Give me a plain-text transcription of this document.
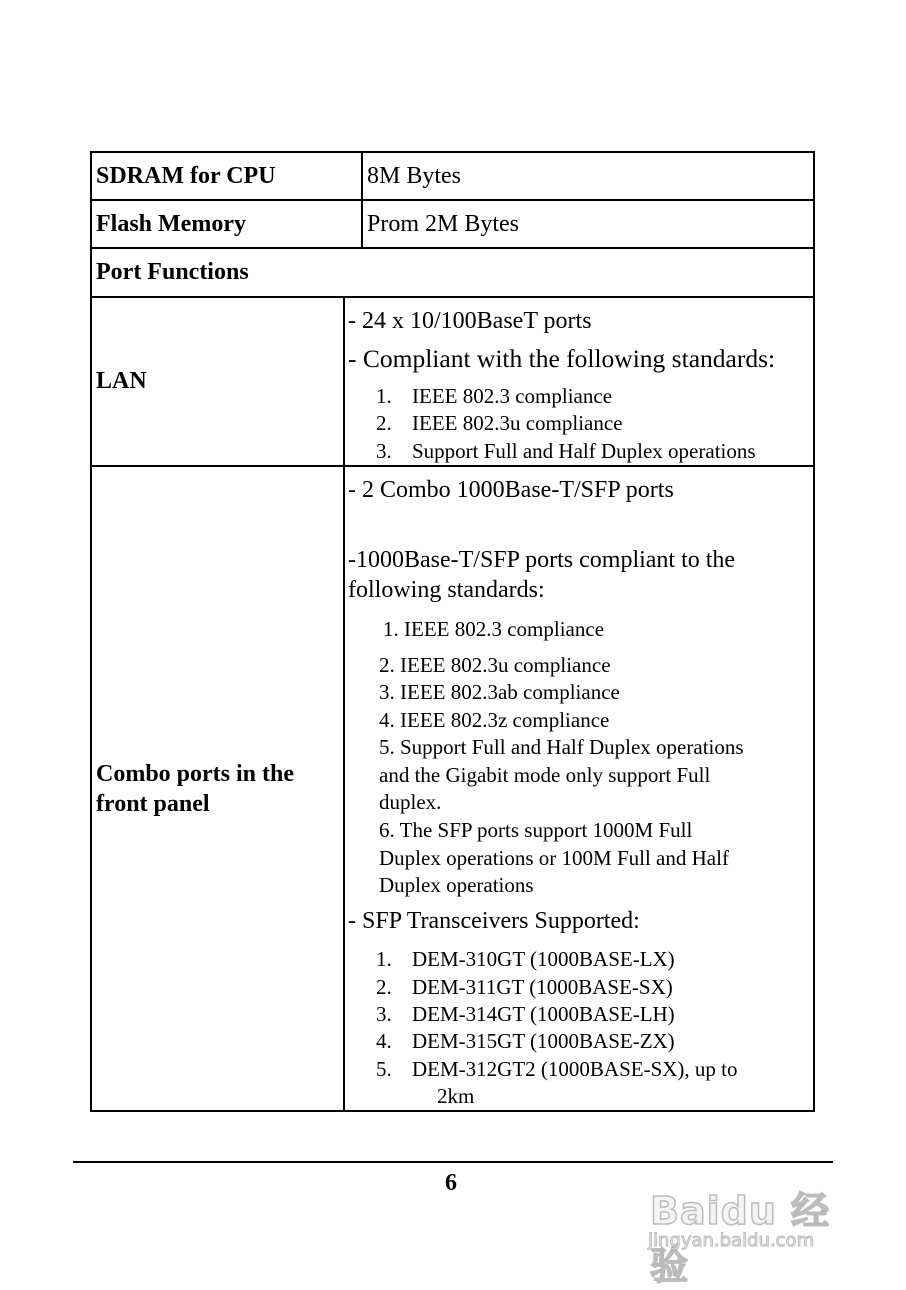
SDRAM for CPU	8M Bytes
Flash Memory	Prom 2M Bytes
Port Functions
LAN
- 24 x 10/100BaseT ports
- Compliant with the following standards:
1. IEEE 802.3 compliance
2. IEEE 802.3u compliance
3. Support Full and Half Duplex operations
Combo ports in the
front panel
- 2 Combo 1000Base-T/SFP ports
-1000Base-T/SFP ports compliant to the
following standards:
1. IEEE 802.3 compliance
2. IEEE 802.3u compliance
3. IEEE 802.3ab compliance
4. IEEE 802.3z compliance
5. Support Full and Half Duplex operations
and the Gigabit mode only support Full
duplex.
6. The SFP ports support 1000M Full
Duplex operations or 100M Full and Half
Duplex operations
- SFP Transceivers Supported:
1. DEM-310GT (1000BASE-LX)
2. DEM-311GT (1000BASE-SX)
3. DEM-314GT (1000BASE-LH)
4. DEM-315GT (1000BASE-ZX)
5. DEM-312GT2 (1000BASE-SX), up to
2km
6
Baidu 经验
jingyan.baidu.com
